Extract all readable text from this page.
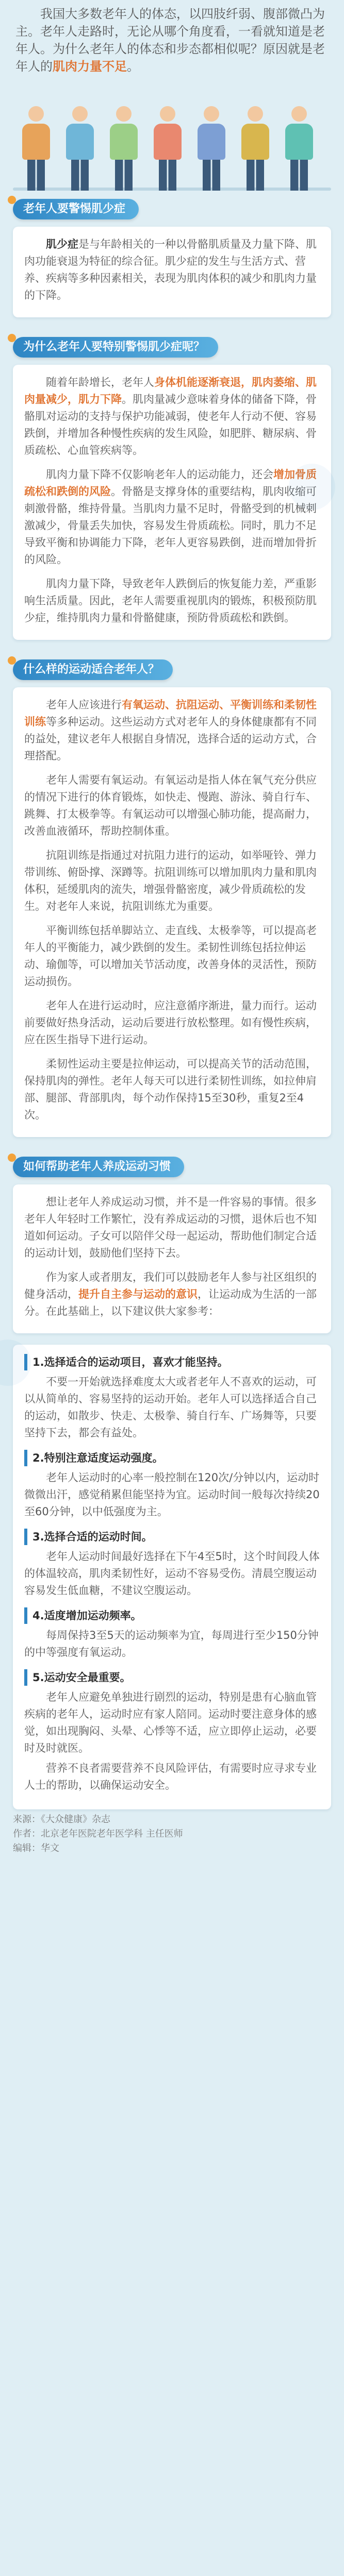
我国大多数老年人的体态，以四肢纤弱、腹部微凸为主。老年人走路时，无论从哪个角度看，一看就知道是老年人。为什么老年人的体态和步态都相似呢？原因就是老年人的肌肉力量不足。

老年人要警惕肌少症

肌少症是与年龄相关的一种以骨骼肌质量及力量下降、肌肉功能衰退为特征的综合征。肌少症的发生与生活方式、营养、疾病等多种因素相关，表现为肌肉体积的减少和肌肉力量的下降。

为什么老年人要特别警惕肌少症呢？

随着年龄增长，老年人身体机能逐渐衰退，肌肉萎缩、肌肉量减少，肌力下降。肌肉量减少意味着身体的储备下降，骨骼肌对运动的支持与保护功能减弱，使老年人行动不便、容易跌倒，并增加各种慢性疾病的发生风险，如肥胖、糖尿病、骨质疏松、心血管疾病等。

肌肉力量下降不仅影响老年人的运动能力，还会增加骨质疏松和跌倒的风险。骨骼是支撑身体的重要结构，肌肉收缩可刺激骨骼，维持骨量。当肌肉力量不足时，骨骼受到的机械刺激减少，骨量丢失加快，容易发生骨质疏松。同时，肌力不足导致平衡和协调能力下降，老年人更容易跌倒，进而增加骨折的风险。

肌肉力量下降，导致老年人跌倒后的恢复能力差，严重影响生活质量。因此，老年人需要重视肌肉的锻炼，积极预防肌少症，维持肌肉力量和骨骼健康，预防骨质疏松和跌倒。

什么样的运动适合老年人？

老年人应该进行有氧运动、抗阻运动、平衡训练和柔韧性训练等多种运动。这些运动方式对老年人的身体健康都有不同的益处，建议老年人根据自身情况，选择合适的运动方式，合理搭配。

老年人需要有氧运动。有氧运动是指人体在氧气充分供应的情况下进行的体育锻炼，如快走、慢跑、游泳、骑自行车、跳舞、打太极拳等。有氧运动可以增强心肺功能，提高耐力，改善血液循环，帮助控制体重。

抗阻训练是指通过对抗阻力进行的运动，如举哑铃、弹力带训练、俯卧撑、深蹲等。抗阻训练可以增加肌肉力量和肌肉体积，延缓肌肉的流失，增强骨骼密度，减少骨质疏松的发生。对老年人来说，抗阻训练尤为重要。

平衡训练包括单脚站立、走直线、太极拳等，可以提高老年人的平衡能力，减少跌倒的发生。柔韧性训练包括拉伸运动、瑜伽等，可以增加关节活动度，改善身体的灵活性，预防运动损伤。

老年人在进行运动时，应注意循序渐进，量力而行。运动前要做好热身活动，运动后要进行放松整理。如有慢性疾病，应在医生指导下进行运动。

柔韧性运动主要是拉伸运动，可以提高关节的活动范围，保持肌肉的弹性。老年人每天可以进行柔韧性训练，如拉伸肩部、腿部、背部肌肉，每个动作保持15至30秒，重复2至4次。

如何帮助老年人养成运动习惯

想让老年人养成运动习惯，并不是一件容易的事情。很多老年人年轻时工作繁忙，没有养成运动的习惯，退休后也不知道如何运动。子女可以陪伴父母一起运动，帮助他们制定合适的运动计划，鼓励他们坚持下去。

作为家人或者朋友，我们可以鼓励老年人参与社区组织的健身活动，提升自主参与运动的意识，让运动成为生活的一部分。在此基础上，以下建议供大家参考：

1.选择适合的运动项目，喜欢才能坚持。

不要一开始就选择难度太大或者老年人不喜欢的运动，可以从简单的、容易坚持的运动开始。老年人可以选择适合自己的运动，如散步、快走、太极拳、骑自行车、广场舞等，只要坚持下去，都会有益处。

2.特别注意适度运动强度。

老年人运动时的心率一般控制在120次/分钟以内，运动时微微出汗，感觉稍累但能坚持为宜。运动时间一般每次持续20至60分钟，以中低强度为主。

3.选择合适的运动时间。

老年人运动时间最好选择在下午4至5时，这个时间段人体的体温较高，肌肉柔韧性好，运动不容易受伤。清晨空腹运动容易发生低血糖，不建议空腹运动。

4.适度增加运动频率。

每周保持3至5天的运动频率为宜，每周进行至少150分钟的中等强度有氧运动。

5.运动安全最重要。

老年人应避免单独进行剧烈的运动，特别是患有心脑血管疾病的老年人，运动时应有家人陪同。运动时要注意身体的感觉，如出现胸闷、头晕、心悸等不适，应立即停止运动，必要时及时就医。

营养不良者需要营养不良风险评估，有需要时应寻求专业人士的帮助，以确保运动安全。

来源：《大众健康》杂志
作者：北京老年医院老年医学科 主任医师
编辑：华文
